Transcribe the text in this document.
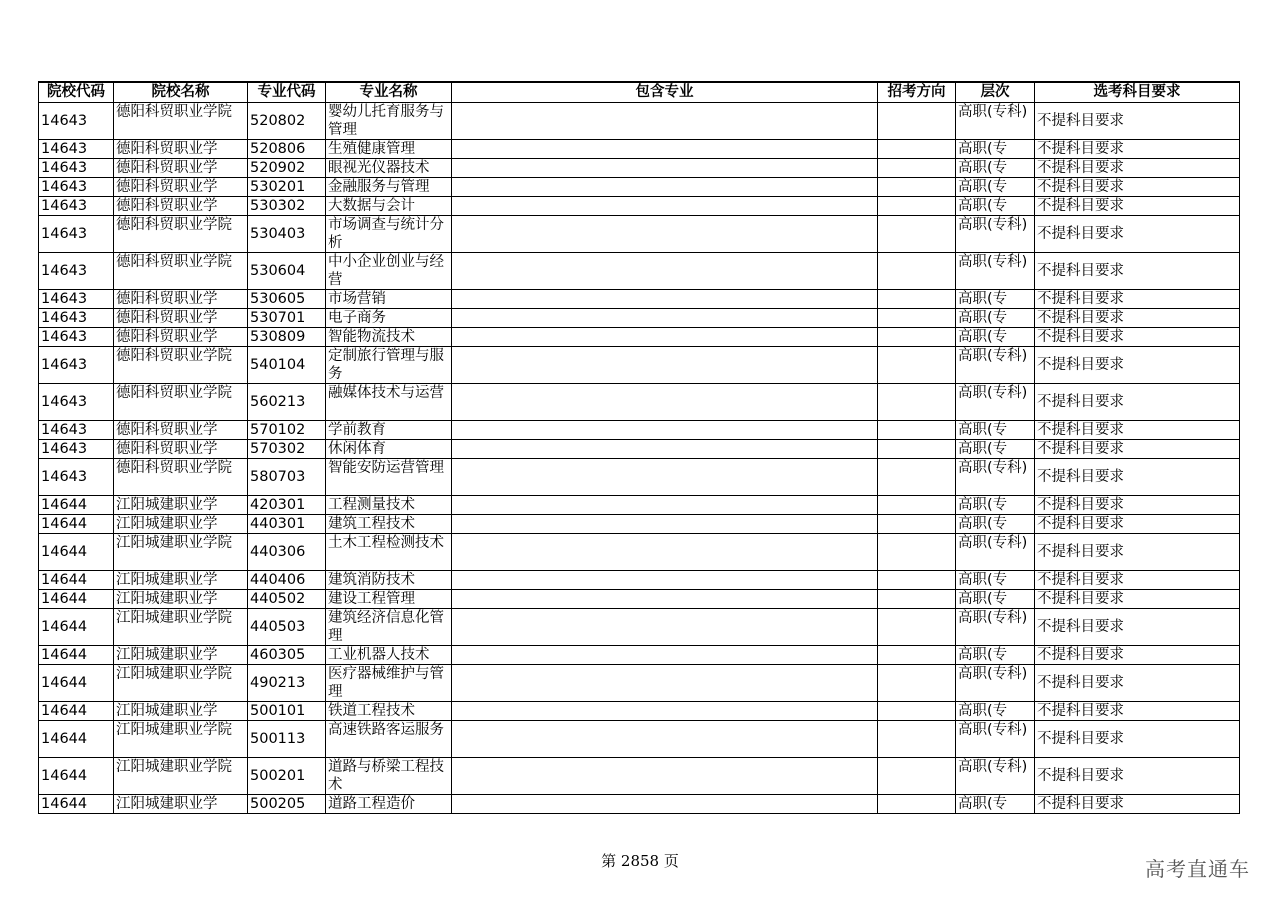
院校代码	院校名称	专业代码	专业名称	包含专业	招考方向	层次	选考科目要求
14643	德阳科贸职业学院	520802	婴幼儿托育服务与管理			高职(专科)	不提科目要求
14643	德阳科贸职业学	520806	生殖健康管理			高职(专	不提科目要求
14643	德阳科贸职业学	520902	眼视光仪器技术			高职(专	不提科目要求
14643	德阳科贸职业学	530201	金融服务与管理			高职(专	不提科目要求
14643	德阳科贸职业学	530302	大数据与会计			高职(专	不提科目要求
14643	德阳科贸职业学院	530403	市场调查与统计分析			高职(专科)	不提科目要求
14643	德阳科贸职业学院	530604	中小企业创业与经营			高职(专科)	不提科目要求
14643	德阳科贸职业学	530605	市场营销			高职(专	不提科目要求
14643	德阳科贸职业学	530701	电子商务			高职(专	不提科目要求
14643	德阳科贸职业学	530809	智能物流技术			高职(专	不提科目要求
14643	德阳科贸职业学院	540104	定制旅行管理与服务			高职(专科)	不提科目要求
14643	德阳科贸职业学院	560213	融媒体技术与运营			高职(专科)	不提科目要求
14643	德阳科贸职业学	570102	学前教育			高职(专	不提科目要求
14643	德阳科贸职业学	570302	休闲体育			高职(专	不提科目要求
14643	德阳科贸职业学院	580703	智能安防运营管理			高职(专科)	不提科目要求
14644	江阳城建职业学	420301	工程测量技术			高职(专	不提科目要求
14644	江阳城建职业学	440301	建筑工程技术			高职(专	不提科目要求
14644	江阳城建职业学院	440306	土木工程检测技术			高职(专科)	不提科目要求
14644	江阳城建职业学	440406	建筑消防技术			高职(专	不提科目要求
14644	江阳城建职业学	440502	建设工程管理			高职(专	不提科目要求
14644	江阳城建职业学院	440503	建筑经济信息化管理			高职(专科)	不提科目要求
14644	江阳城建职业学	460305	工业机器人技术			高职(专	不提科目要求
14644	江阳城建职业学院	490213	医疗器械维护与管理			高职(专科)	不提科目要求
14644	江阳城建职业学	500101	铁道工程技术			高职(专	不提科目要求
14644	江阳城建职业学院	500113	高速铁路客运服务			高职(专科)	不提科目要求
14644	江阳城建职业学院	500201	道路与桥梁工程技术			高职(专科)	不提科目要求
14644	江阳城建职业学	500205	道路工程造价			高职(专	不提科目要求
第 2858 页	高考直通车
